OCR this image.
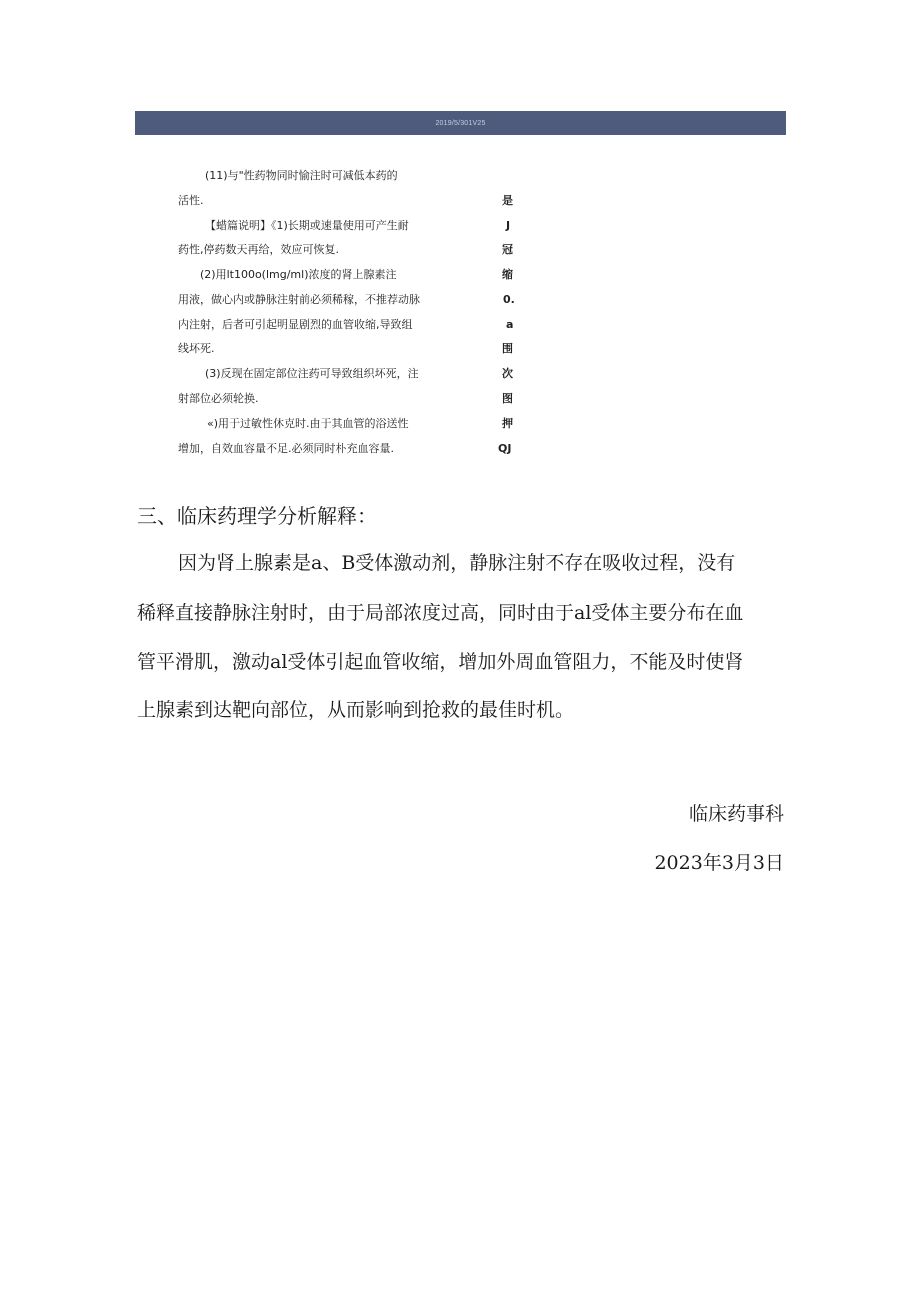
2019/5/301V25
(11)与"性药物同时愉注时可减低本药的
活性.
【蜡篇说明】《1)长期或速量使用可产生耐
药性,停药数天再给，效应可恢复.
(2)用lt100o(lmg/ml)浓度的肾上腺素注
用液，做心内或静脉注射前必须稀稼，不推荐动脉
内注射，后者可引起明显剧烈的血管收缩,导致组
线坏死.
(3)反现在固定部位注药可导致组织坏死，注
射部位必须轮换.
«)用于过敏性休克时.由于其血管的浴送性
增加，自效血容量不足.必须同时朴充血容量.
是
J
冠
缩
0.
a
围
次
图
押
QJ
三、临床药理学分析解释：
因为肾上腺素是a、B受体激动剂，静脉注射不存在吸收过程，没有
稀释直接静脉注射时，由于局部浓度过高，同时由于al受体主要分布在血
管平滑肌，激动al受体引起血管收缩，增加外周血管阻力，不能及时使肾
上腺素到达靶向部位，从而影响到抢救的最佳时机。
临床药事科
2023年3月3日
